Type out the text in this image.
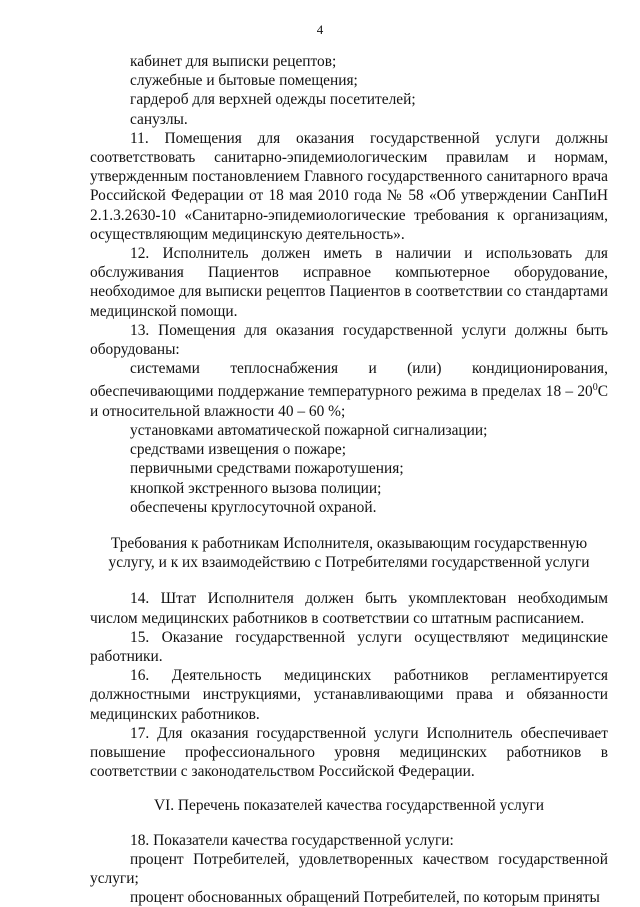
4

кабинет для выписки рецептов;

служебные и бытовые помещения;

гардероб для верхней одежды посетителей;

санузлы.

11. Помещения для оказания государственной услуги должны соответствовать санитарно-эпидемиологическим правилам и нормам, утвержденным постановлением Главного государственного санитарного врача Российской Федерации от 18 мая 2010 года № 58 «Об утверждении СанПиН 2.1.3.2630-10 «Санитарно-эпидемиологические требования к организациям, осуществляющим медицинскую деятельность».

12. Исполнитель должен иметь в наличии и использовать для обслуживания Пациентов исправное компьютерное оборудование, необходимое для выписки рецептов Пациентов в соответствии со стандартами медицинской помощи.

13. Помещения для оказания государственной услуги должны быть оборудованы:

системами теплоснабжения и (или) кондиционирования, обеспечивающими поддержание температурного режима в пределах $18 - 20^0С$ и относительной влажности 40 – 60 %;

установками автоматической пожарной сигнализации;

средствами извещения о пожаре;

первичными средствами пожаротушения;

кнопкой экстренного вызова полиции;

обеспечены круглосуточной охраной.

Требования к работникам Исполнителя, оказывающим государственную услугу, и к их взаимодействию с Потребителями государственной услуги

14. Штат Исполнителя должен быть укомплектован необходимым числом медицинских работников в соответствии со штатным расписанием.

15. Оказание государственной услуги осуществляют медицинские работники.

16. Деятельность медицинских работников регламентируется должностными инструкциями, устанавливающими права и обязанности медицинских работников.

17. Для оказания государственной услуги Исполнитель обеспечивает повышение профессионального уровня медицинских работников в соответствии с законодательством Российской Федерации.

VI. Перечень показателей качества государственной услуги

18. Показатели качества государственной услуги:

процент Потребителей, удовлетворенных качеством государственной услуги;

процент обоснованных обращений Потребителей, по которым приняты
